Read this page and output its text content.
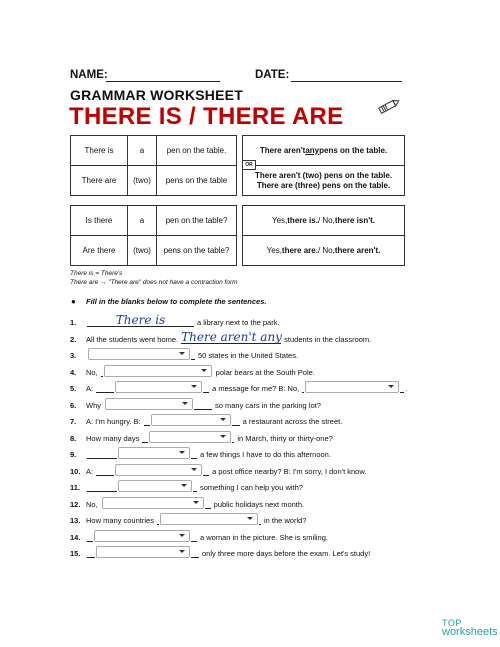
NAME:	DATE:
GRAMMAR WORKSHEET
THERE IS / THERE ARE
There is	a	pen on the table.
There are	(two)	pens on the table
There aren't any pens on the table.
There aren't (two) pens on the table.
There are (three) pens on the table.
OR
Is there	a	pen on the table?
Are there	(two)	pens on the table?
Yes, there is. / No, there isn't.
Yes, there are. / No, there aren't.
There is = There's
There are → "There are" does not have a contraction form
● Fill in the blanks below to complete the sentences.
1.	There is	a library next to the park.
2.	All the students went home. There aren't any students in the classroom.
3.	50 states in the United States.
4.	No,	polar bears at the South Pole.
5.	A:	a message for me? B: No,	.
6.	Why	so many cars in the parking lot?
7.	A: I'm hungry. B:	a restaurant across the street.
8.	How many days	in March, thirty or thirty-one?
9.	a few things I have to do this afternoon.
10. A:	a post office nearby? B: I'm sorry, I don't know.
11.	something I can help you with?
12. No,	public holidays next month.
13. How many countries	in the world?
14.	a woman in the picture. She is smiling.
15.	only three more days before the exam. Let's study!
TOP
worksheets
